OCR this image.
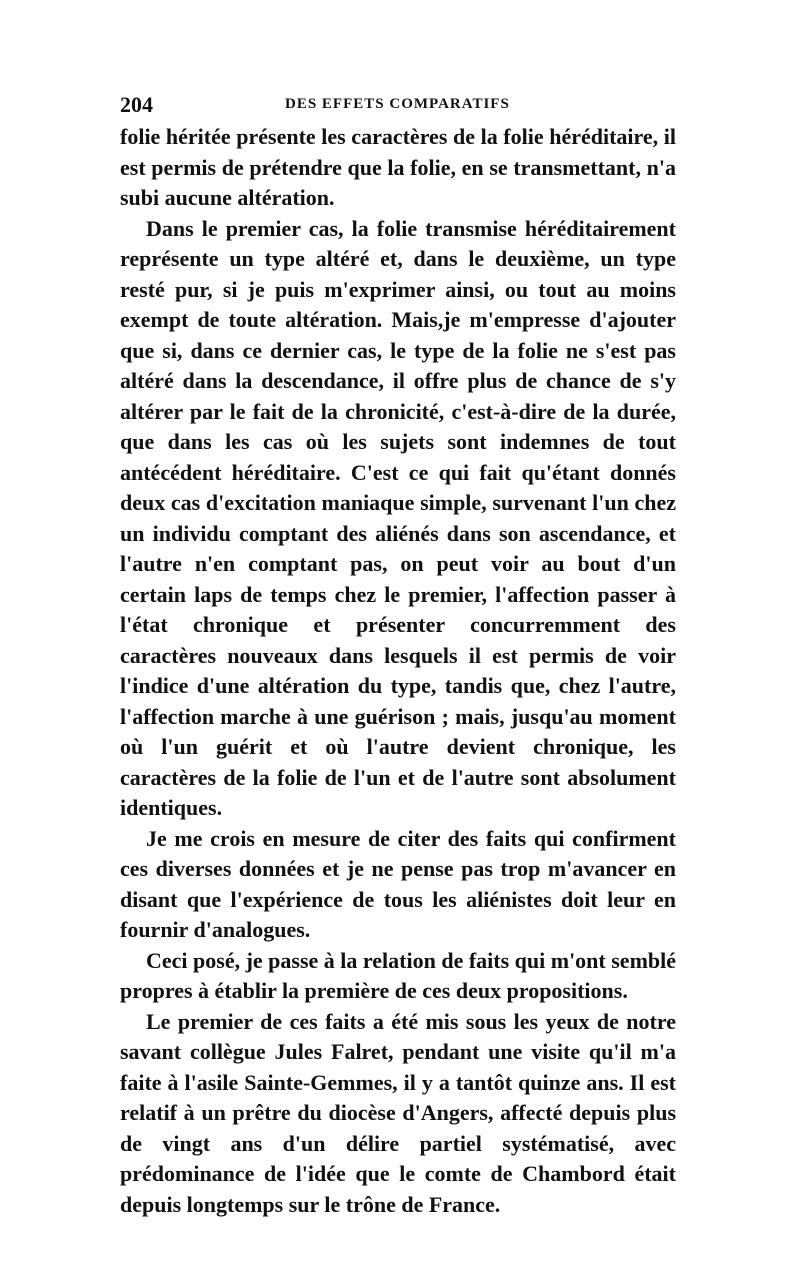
204	DES EFFETS COMPARATIFS

folie héritée présente les caractères de la folie héréditaire, il est permis de prétendre que la folie, en se transmettant, n'a subi aucune altération.

Dans le premier cas, la folie transmise héréditairement représente un type altéré et, dans le deuxième, un type resté pur, si je puis m'exprimer ainsi, ou tout au moins exempt de toute altération. Mais,je m'empresse d'ajouter que si, dans ce dernier cas, le type de la folie ne s'est pas altéré dans la descendance, il offre plus de chance de s'y altérer par le fait de la chronicité, c'est-à-dire de la durée, que dans les cas où les sujets sont indemnes de tout antécédent héréditaire. C'est ce qui fait qu'étant donnés deux cas d'excitation maniaque simple, survenant l'un chez un individu comptant des aliénés dans son ascendance, et l'autre n'en comptant pas, on peut voir au bout d'un certain laps de temps chez le premier, l'affection passer à l'état chronique et présenter concurremment des caractères nouveaux dans lesquels il est permis de voir l'indice d'une altération du type, tandis que, chez l'autre, l'affection marche à une guérison ; mais, jusqu'au moment où l'un guérit et où l'autre devient chronique, les caractères de la folie de l'un et de l'autre sont absolument identiques.

Je me crois en mesure de citer des faits qui confirment ces diverses données et je ne pense pas trop m'avancer en disant que l'expérience de tous les aliénistes doit leur en fournir d'analogues.

Ceci posé, je passe à la relation de faits qui m'ont semblé propres à établir la première de ces deux propositions.

Le premier de ces faits a été mis sous les yeux de notre savant collègue Jules Falret, pendant une visite qu'il m'a faite à l'asile Sainte-Gemmes, il y a tantôt quinze ans. Il est relatif à un prêtre du diocèse d'Angers, affecté depuis plus de vingt ans d'un délire partiel systématisé, avec prédominance de l'idée que le comte de Chambord était depuis longtemps sur le trône de France.
